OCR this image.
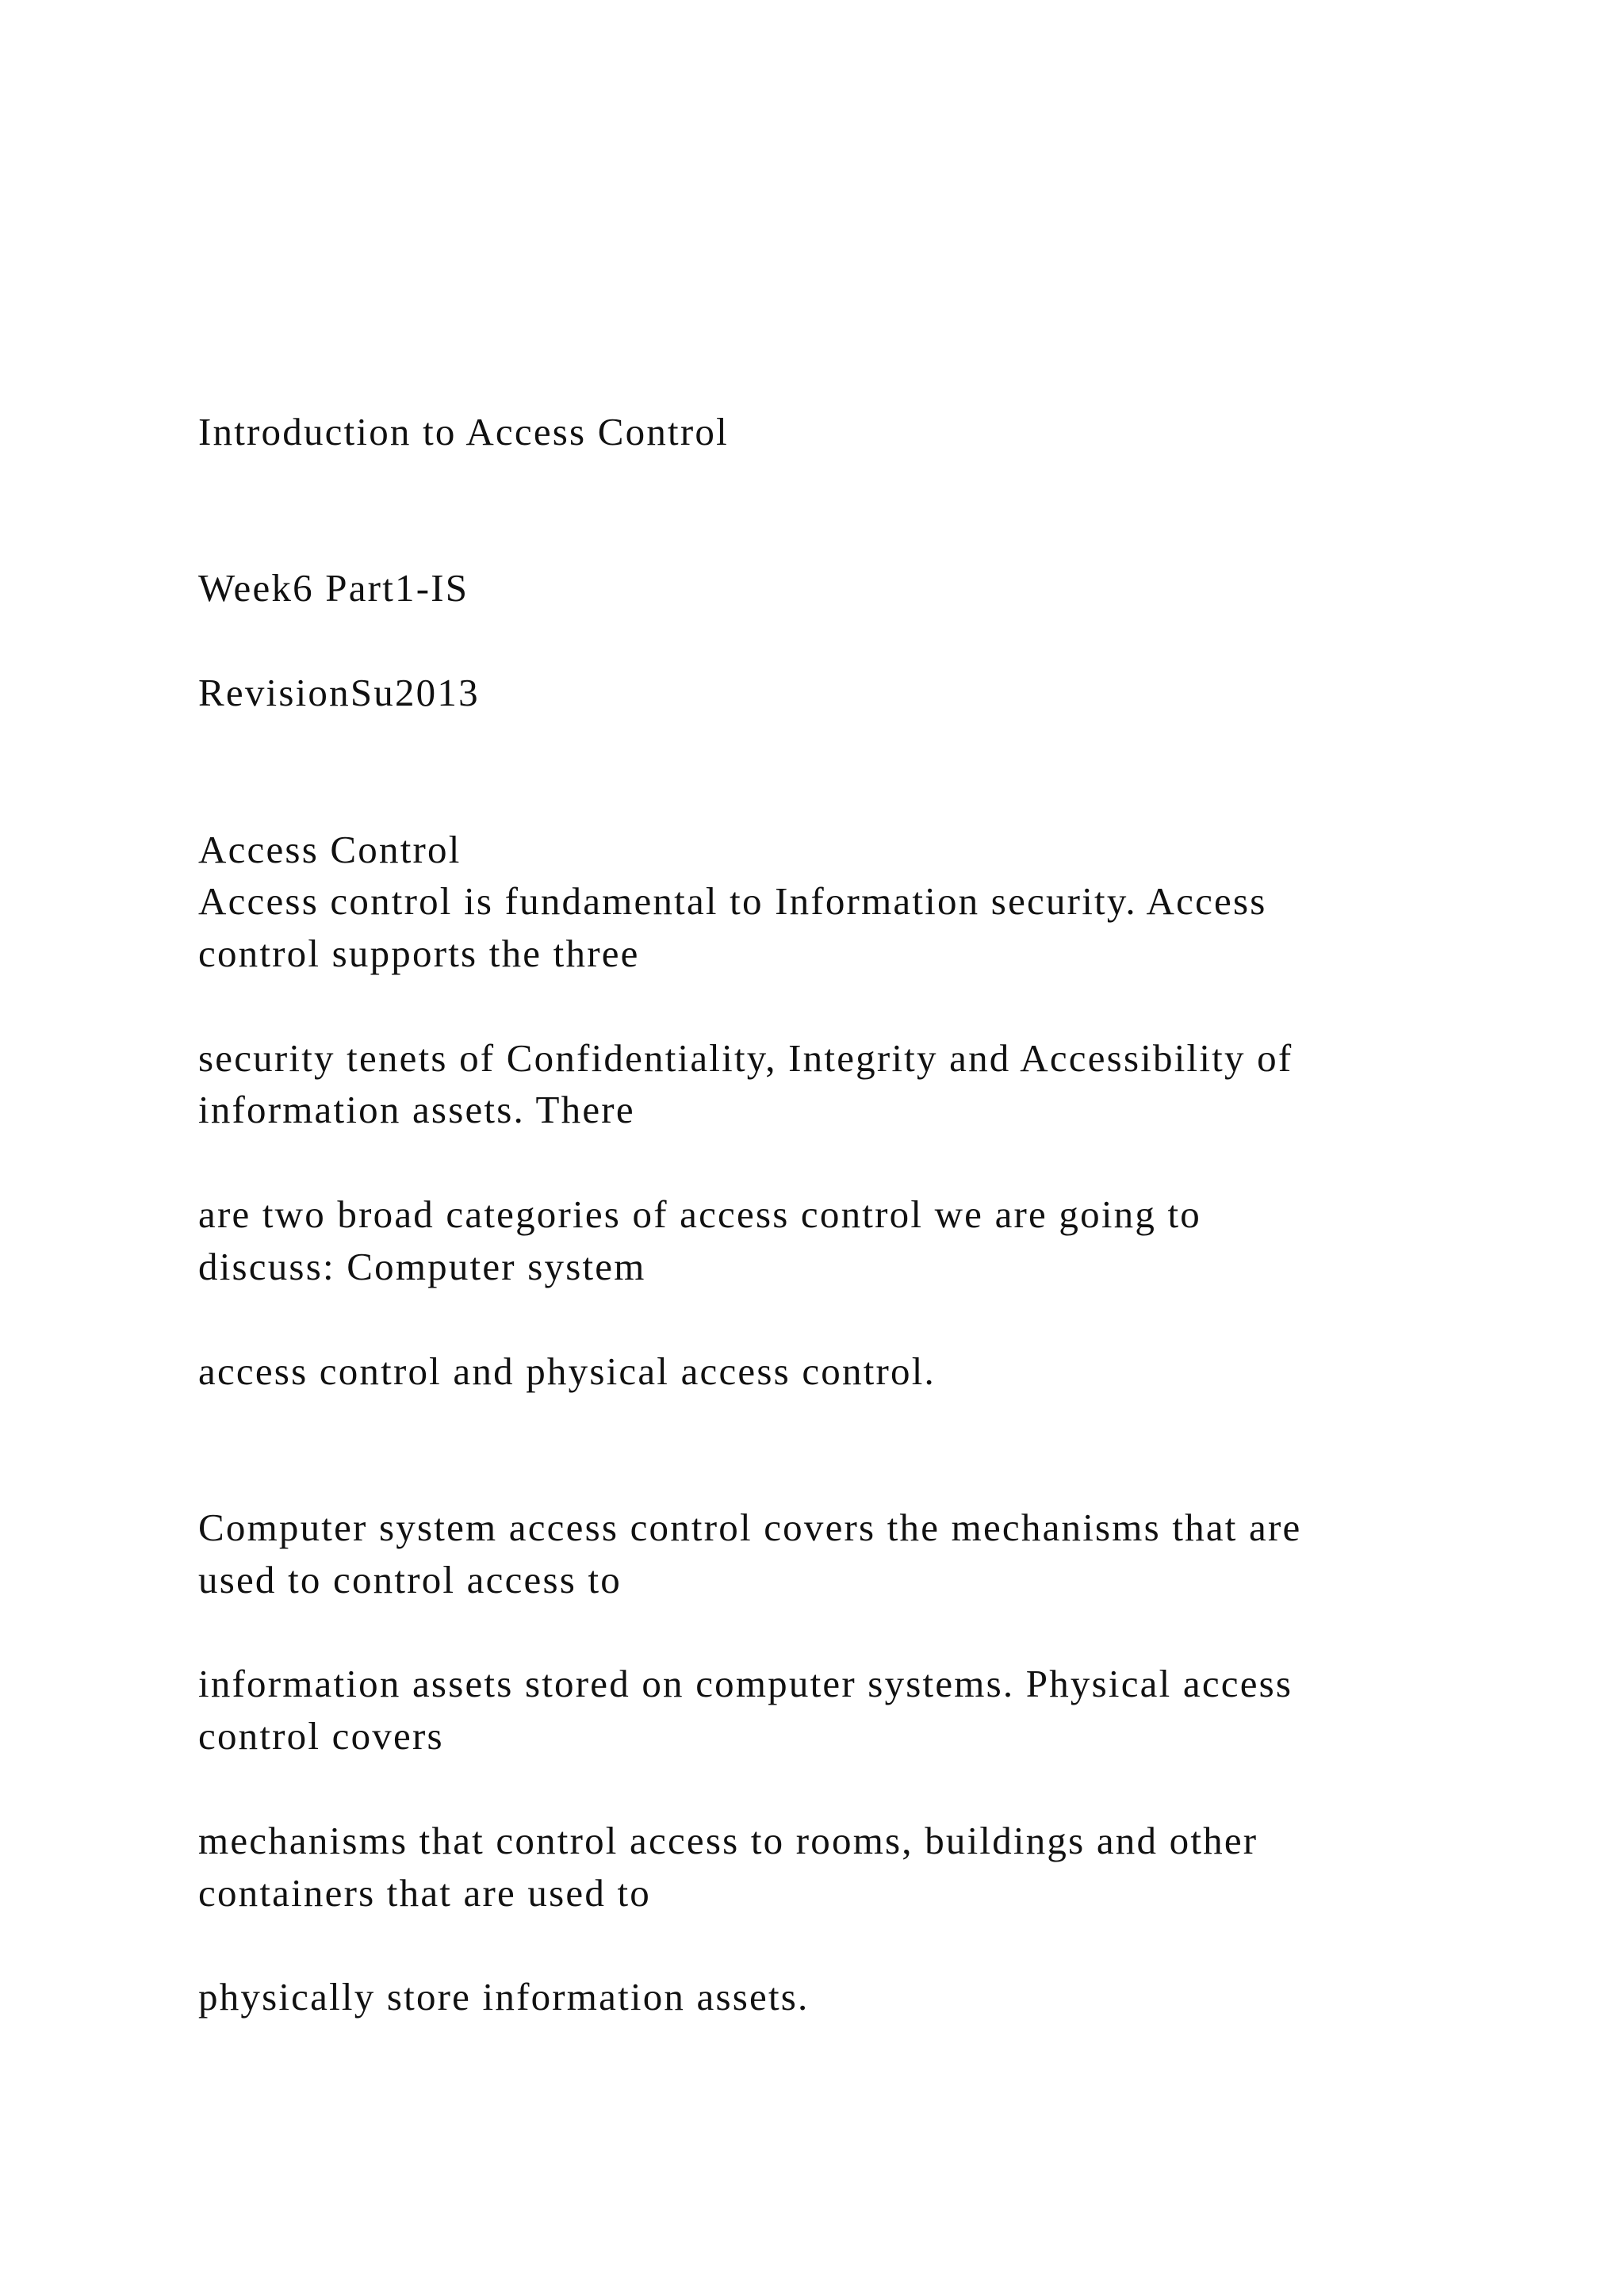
Introduction to Access Control

Week6 Part1-IS

RevisionSu2013

Access Control

Access control is fundamental to Information security. Access

control supports the three

security tenets of Confidentiality, Integrity and Accessibility of

information assets. There

are two broad categories of access control we are going to

discuss: Computer system

access control and physical access control.

Computer system access control covers the mechanisms that are

used to control access to

information assets stored on computer systems. Physical access

control covers

mechanisms that control access to rooms, buildings and other

containers that are used to

physically store information assets.
